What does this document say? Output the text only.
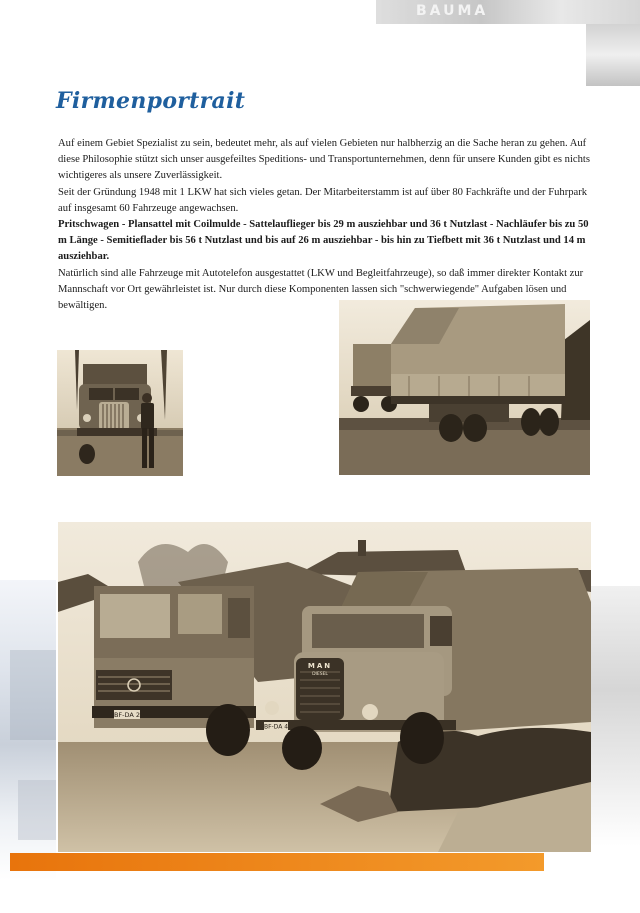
BAUMA
Firmenportrait

Auf einem Gebiet Spezialist zu sein, bedeutet mehr, als auf vielen Gebieten nur halbherzig an die Sache heran zu gehen. Auf diese Philosophie stützt sich unser ausgefeiltes Speditions- und Transportunternehmen, denn für unsere Kunden gibt es nichts wichtigeres als unsere Zuverlässigkeit.

Seit der Gründung 1948 mit 1 LKW hat sich vieles getan. Der Mitarbeiterstamm ist auf über 80 Fachkräfte und der Fuhrpark auf insgesamt 60 Fahrzeuge angewachsen.

Pritschwagen - Plansattel mit Coilmulde - Sattelauflieger bis 29 m ausziehbar und 36 t Nutzlast - Nachläufer bis zu 50 m Länge - Semitieflader bis 56 t Nutzlast und bis auf 26 m ausziehbar - bis hin zu Tiefbett mit 36 t Nutzlast und 14 m ausziehbar.

Natürlich sind alle Fahrzeuge mit Autotelefon ausgestattet (LKW und Begleitfahrzeuge), so daß immer direkter Kontakt zur Mannschaft vor Ort gewährleistet ist. Nur durch diese Komponenten lassen sich "schwerwiegende" Aufgaben lösen und bewältigen.

BF-DA 2
MAN
DIESEL
BF-DA 4
